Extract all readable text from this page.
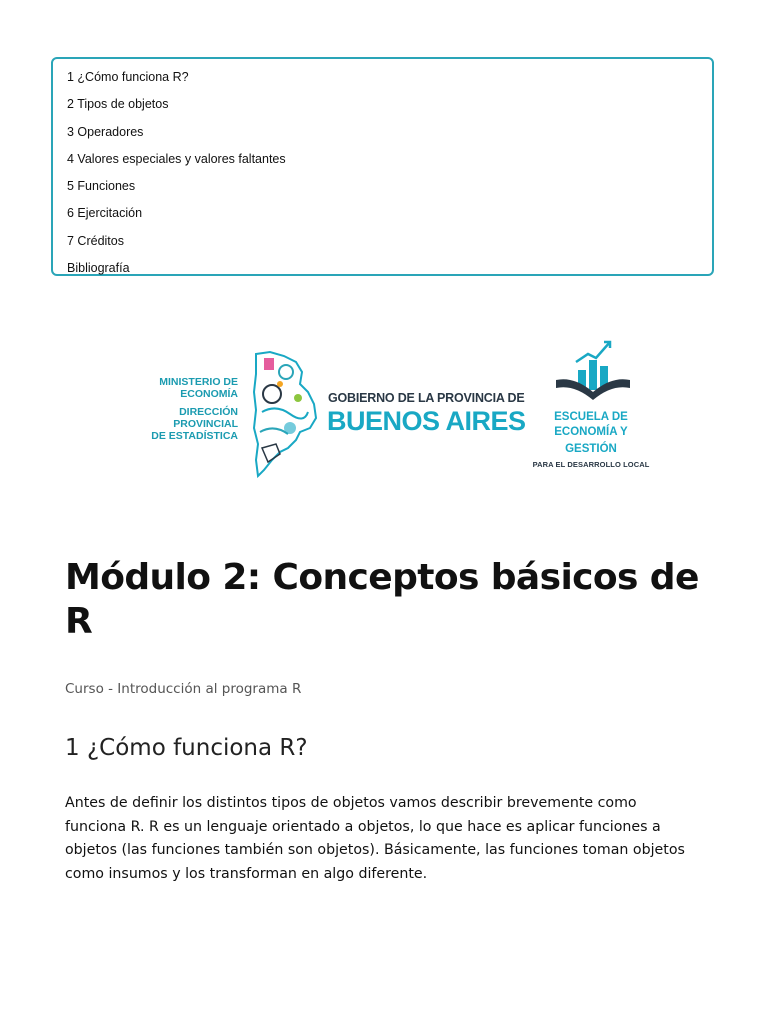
1 ¿Cómo funciona R?
2 Tipos de objetos
3 Operadores
4 Valores especiales y valores faltantes
5 Funciones
6 Ejercitación
7 Créditos
Bibliografía
MINISTERIO DE
ECONOMÍA
DIRECCIÓN PROVINCIAL
DE ESTADÍSTICA
GOBIERNO DE LA PROVINCIA DE
BUENOS AIRES	ESCUELA DE
ECONOMÍA Y GESTIÓN
PARA EL DESARROLLO LOCAL
Módulo 2: Conceptos básicos de R
Curso - Introducción al programa R
1 ¿Cómo funciona R?

Antes de definir los distintos tipos de objetos vamos describir brevemente como funciona R. R es un lenguaje orientado a objetos, lo que hace es aplicar funciones a objetos (las funciones también son objetos). Básicamente, las funciones toman objetos como insumos y los transforman en algo diferente.
